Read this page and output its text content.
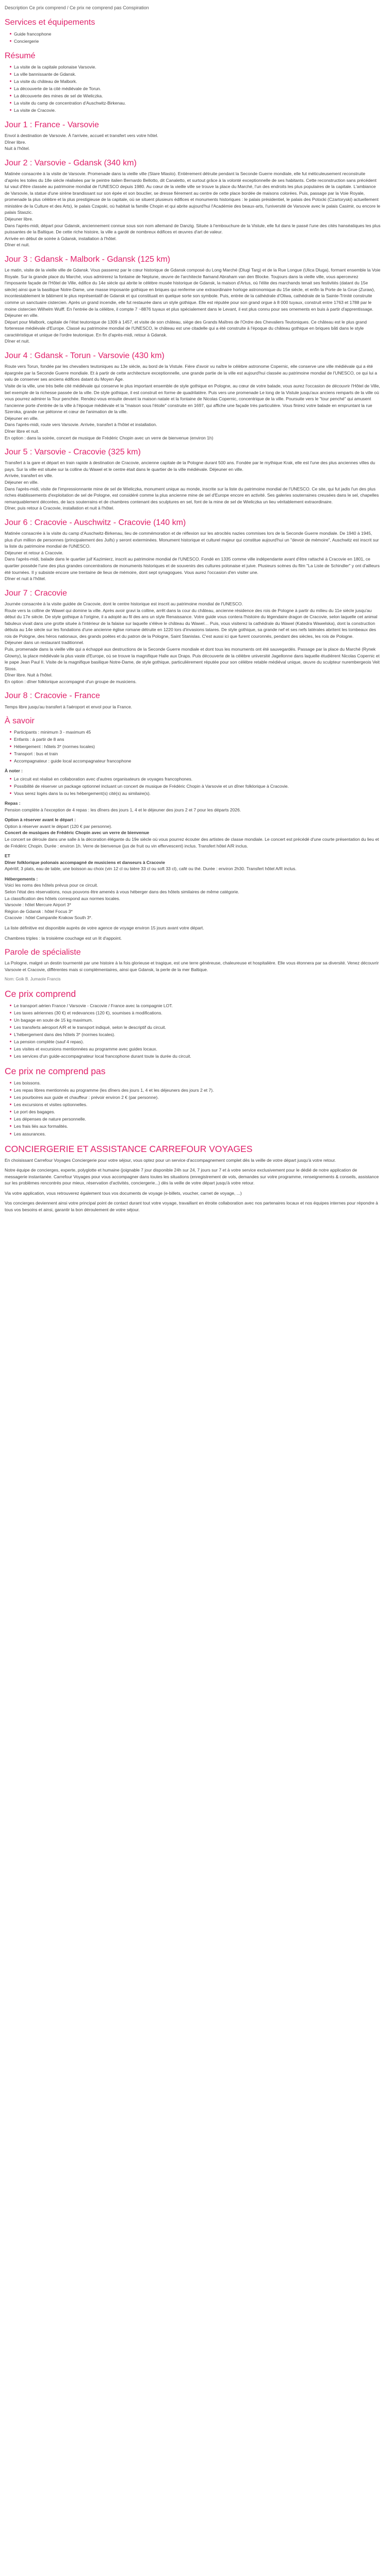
Description Ce prix comprend / Ce prix ne comprend pas Conspiration

Services et équipements
Guide francophone
Conciergerie
Résumé
La visite de la capitale polonaise Varsovie.
La ville bannissante de Gdansk.
La visite du château de Malbork.
La découverte de la cité médiévale de Torun.
La découverte des mines de sel de Wieliczka.
La visite du camp de concentration d'Auschwitz-Birkenau.
La visite de Cracovie.
Jour 1 : France - Varsovie

Envol à destination de Varsovie. À l'arrivée, accueil et transfert vers votre hôtel.

Dîner libre.

Nuit à l'hôtel.

Jour 2 : Varsovie - Gdansk (340 km)

Matinée consacrée à la visite de Varsovie. Promenade dans la vieille ville (Stare Miasto). Entièrement détruite pendant la Seconde Guerre mondiale, elle fut méticuleusement reconstruite d'après les toiles du 18e siècle réalisées par le peintre italien Bernardo Bellotto, dit Canaletto, et surtout grâce à la volonté exceptionnelle de ses habitants. Cette reconstruction sans précédent lui vaut d'être classée au patrimoine mondial de l'UNESCO depuis 1980. Au cœur de la vieille ville se trouve la place du Marché, l'un des endroits les plus populaires de la capitale. L'ambiance de Varsovie, la statue d'une sirène brandissant sur son épée et son bouclier, se dresse fièrement au centre de cette place bordée de maisons colorées. Puis, passage par la Voie Royale, promenade la plus célèbre et la plus prestigieuse de la capitale, où se situent plusieurs édifices et monuments historiques : le palais présidentiel, le palais des Potocki (Czartoryski) actuellement ministère de la Culture et des Arts), le palais Czapski, où habitait la famille Chopin et qui abrite aujourd'hui l'Académie des beaux-arts, l'université de Varsovie avec le palais Casimir, ou encore le palais Staszic.

Déjeuner libre.

Dans l'après-midi, départ pour Gdansk, anciennement connue sous son nom allemand de Danzig. Située à l'embouchure de la Vistule, elle fut dans le passé l'une des cités hanséatiques les plus puissantes de la Baltique. De cette riche histoire, la ville a gardé de nombreux édifices et œuvres d'art de valeur.

Arrivée en début de soirée à Gdansk, installation à l'hôtel.

Dîner et nuit.

Jour 3 : Gdansk - Malbork - Gdansk (125 km)

Le matin, visite de la vieille ville de Gdansk. Vous passerez par le cœur historique de Gdansk composé du Long Marché (Dlugi Targ) et de la Rue Longue (Ulica Dluga), formant ensemble la Voie Royale. Sur la grande place du Marché, vous admirerez la fontaine de Neptune, œuvre de l'architecte flamand Abraham van den Blocke. Toujours dans la vieille ville, vous apercevrez l'imposante façade de l'Hôtel de Ville, édifice du 14e siècle qui abrite le célèbre musée historique de Gdansk, la maison d'Artus, où l'élite des marchands tenait ses festivités (datant du 15e siècle) ainsi que la basilique Notre-Dame, une masse imposante gothique en briques qui renferme une extraordinaire horloge astronomique du 15e siècle, et enfin la Porte de la Grue (Zuraw), incontestablement le bâtiment le plus représentatif de Gdansk et qui constituait en quelque sorte son symbole. Puis, entrée de la cathédrale d'Oliwa, cathédrale de la Sainte-Trinité construite comme un sanctuaire cistercien. Après un grand incendie, elle fut restaurée dans un style gothique. Elle est réputée pour son grand orgue à 8 000 tuyaux, construit entre 1763 et 1788 par le moine cistercien Wilhelm Wulff. En l'entrée de la célèbre, il compte 7 ~8876 tuyaux et plus spécialement dans le Levant, il est plus connu pour ses ornements en buis à partir d'apprentissage.

Déjeuner en ville.

Départ pour Malbork, capitale de l'état teutonique de 1309 à 1457, et visite de son château, siège des Grands Maîtres de l'Ordre des Chevaliers Teutoniques. Ce château est le plus grand forteresse médiévale d'Europe. Classé au patrimoine mondial de l'UNESCO, le château est une citadelle qui a été construite à l'époque du château gothique en briques bâti dans le style caractéristique et unique de l'ordre teutonique. En fin d'après-midi, retour à Gdansk.

Dîner et nuit.

Jour 4 : Gdansk - Torun - Varsovie (430 km)

Route vers Torun, fondée par les chevaliers teutoniques au 13e siècle, au bord de la Vistule. Fière d'avoir vu naître le célèbre astronome Copernic, elle conserve une ville médiévale qui a été épargnée par la Seconde Guerre mondiale. Et à partir de cette architecture exceptionnelle, une grande partie de la ville est aujourd'hui classée au patrimoine mondial de l'UNESCO, ce qui lui a valu de conserver ses anciens édifices datant du Moyen Âge.

Visite de la ville, une très belle cité médiévale qui conserve le plus important ensemble de style gothique en Pologne, au cœur de votre balade, vous aurez l'occasion de découvrir l'Hôtel de Ville, bel exemple de la richesse passée de la ville. De style gothique, il est construit en forme de quadrilatère. Puis vers une promenade Le long de la Vistule jusqu'aux anciens remparts de la ville où vous pourrez admirer la Tour penchée. Rendez-vous ensuite devant la maison natale et la fontaine de Nicolas Copernic, concentrique de la ville. Poursuite vers le "tour penché" qui amusent l'ancienne porte d'entrée de la ville à l'époque médiévale et la "maison sous l'étoile" construite en 1697, qui affiche une façade très particulière. Vous finirez votre balade en empruntant la rue Szeroka, grande rue piétonne et cœur de l'animation de la ville.

Déjeuner en ville.

Dans l'après-midi, route vers Varsovie. Arrivée, transfert à l'hôtel et installation.

Dîner libre et nuit.

En option : dans la soirée, concert de musique de Frédéric Chopin avec un verre de bienvenue (environ 1h)

Jour 5 : Varsovie - Cracovie (325 km)

Transfert à la gare et départ en train rapide à destination de Cracovie, ancienne capitale de la Pologne durant 500 ans. Fondée par le mythique Krak, elle est l'une des plus anciennes villes du pays. Sur la ville est située sur la colline du Wawel et le centre était dans le quartier de la ville médiévale. Déjeuner en ville.

Arrivée, transfert en ville.

Déjeuner en ville.

Dans l'après-midi, visite de l'impressionnante mine de sel de Wieliczka, monument unique au monde, inscrite sur la liste du patrimoine mondial de l'UNESCO. Ce site, qui fut jadis l'un des plus riches établissements d'exploitation de sel de Pologne, est considéré comme la plus ancienne mine de sel d'Europe encore en activité. Ses galeries souterraines creusées dans le sel, chapelles remarquablement décorées, de lacs souterrains et de chambres contenant des sculptures en sel, font de la mine de sel de Wieliczka un lieu véritablement extraordinaire.

Dîner, puis retour à Cracovie, installation et nuit à l'hôtel.

Jour 6 : Cracovie - Auschwitz - Cracovie (140 km)

Matinée consacrée à la visite du camp d'Auschwitz-Birkenau, lieu de commémoration et de réflexion sur les atrocités nazies commises lors de la Seconde Guerre mondiale. De 1940 à 1945, plus d'un million de personnes (principalement des Juifs) y seront exterminées. Monument historique et culturel majeur qui constitue aujourd'hui un "devoir de mémoire", Auschwitz est inscrit sur la liste du patrimoine mondial de l'UNESCO.

Déjeuner et retour à Cracovie.

Dans l'après-midi, balade dans le quartier juif Kazimierz, inscrit au patrimoine mondial de l'UNESCO. Fondé en 1335 comme ville indépendante avant d'être rattaché à Cracovie en 1801, ce quartier possède l'une des plus grandes concentrations de monuments historiques et de souvenirs des cultures polonaise et juive. Plusieurs scènes du film "La Liste de Schindler" y ont d'ailleurs été tournées. Il y subsiste encore une trentaine de lieux de mémoire, dont sept synagogues. Vous aurez l'occasion d'en visiter une.

Dîner et nuit à l'hôtel.

Jour 7 : Cracovie

Journée consacrée à la visite guidée de Cracovie, dont le centre historique est inscrit au patrimoine mondial de l'UNESCO.

Route vers la colline de Wawel qui domine la ville. Après avoir gravi la colline, arrêt dans la cour du château, ancienne résidence des rois de Pologne à partir du milieu du 11e siècle jusqu'au début du 17e siècle. De style gothique à l'origine, il a adopté au fil des ans un style Renaissance. Votre guide vous contera l'histoire du légendaire dragon de Cracovie, selon laquelle cet animal fabuleux vivait dans une grotte située à l'intérieur de la falaise sur laquelle s'élève le château du Wawel… Puis, vous visiterez la cathédrale du Wawel (Katedra Wawelska), dont la construction débuta au 14e siècle sur les fondations d'une ancienne église romane détruite en 1220 lors d'invasions tatares. De style gothique, sa grande nef et ses nefs latérales abritent les tombeaux des rois de Pologne, des héros nationaux, des grands poètes et du patron de la Pologne, Saint Stanislas. C'est aussi ici que furent couronnés, pendant des siècles, les rois de Pologne.

Déjeuner dans un restaurant traditionnel.

Puis, promenade dans la vieille ville qui a échappé aux destructions de la Seconde Guerre mondiale et dont tous les monuments ont été sauvegardés. Passage par la place du Marché (Rynek Glowny), la place médiévale la plus vaste d'Europe, où se trouve la magnifique Halle aux Draps. Puis découverte de la célèbre université Jagellonne dans laquelle étudièrent Nicolas Copernic et le pape Jean Paul II. Visite de la magnifique basilique Notre-Dame, de style gothique, particulièrement réputée pour son célèbre retable médiéval unique, œuvre du sculpteur nurembergeois Veit Stoss.

Dîner libre. Nuit à l'hôtel.

En option : dîner folklorique accompagné d'un groupe de musiciens.

Jour 8 : Cracovie - France

Temps libre jusqu'au transfert à l'aéroport et envol pour la France.

À savoir
Participants : minimum 3 - maximum 45
Enfants : à partir de 8 ans
Hébergement : hôtels 3* (normes locales)
Transport : bus et train
Accompagnateur : guide local accompagnateur francophone

À noter :

Le circuit est réalisé en collaboration avec d'autres organisateurs de voyages francophones.
Possibilité de réserver un package optionnel incluant un concert de musique de Frédéric Chopin à Varsovie et un dîner folklorique à Cracovie.
Vous serez logés dans la ou les hébergement(s) cité(s) au similaire(s).

Repas :

Pension complète à l'exception de 4 repas : les dîners des jours 1, 4 et le déjeuner des jours 2 et 7 pour les départs 2026.

Option à réserver avant le départ :

Option à réserver avant le départ (120 € par personne).

Concert de musiques de Frédéric Chopin avec un verre de bienvenue

Le concert se déroule dans une salle à la décoration élégante du 19e siècle où vous pourrez écouter des artistes de classe mondiale. Le concert est précédé d'une courte présentation du lieu et de Frédéric Chopin. Durée : environ 1h. Verre de bienvenue (jus de fruit ou vin effervescent) inclus. Transfert hôtel A/R inclus.

ET

Dîner folklorique polonais accompagné de musiciens et danseurs à Cracovie

Apéritif, 3 plats, eau de table, une boisson au choix (vin 12 cl ou bière 33 cl ou soft 33 cl), café ou thé. Durée : environ 2h30. Transfert hôtel A/R inclus.

Hébergements :

Voici les noms des hôtels prévus pour ce circuit.

Selon l'état des réservations, nous pouvons être amenés à vous héberger dans des hôtels similaires de même catégorie.

La classification des hôtels correspond aux normes locales.

Varsovie : hôtel Mercure Airport 3*

Région de Gdansk : hôtel Focus 3*

Cracovie : hôtel Campanile Krakow South 3*.

La liste définitive est disponible auprès de votre agence de voyage environ 15 jours avant votre départ.

Chambres triples : la troisième couchage est un lit d'appoint.

Parole de spécialiste

La Pologne, malgré un destin tourmenté par une histoire à la fois glorieuse et tragique, est une terre généreuse, chaleureuse et hospitalière. Elle vous étonnera par sa diversité. Venez découvrir Varsovie et Cracovie, différentes mais si complémentaires, ainsi que Gdansk, la perle de la mer Baltique.

Nom: Goik B. Jumaole Francis

Ce prix comprend
Le transport aérien France / Varsovie - Cracovie / France avec la compagnie LOT.
Les taxes aériennes (30 €) et redevances (120 €), soumises à modifications.
Un bagage en soute de 15 kg maximum.
Les transferts aéroport A/R et le transport indiqué, selon le descriptif du circuit.
L'hébergement dans des hôtels 3* (normes locales).
La pension complète (sauf 4 repas).
Les visites et excursions mentionnées au programme avec guides locaux.
Les services d'un guide-accompagnateur local francophone durant toute la durée du circuit.
Ce prix ne comprend pas
Les boissons.
Les repas libres mentionnés au programme (les dîners des jours 1, 4 et les déjeuners des jours 2 et 7).
Les pourboires aux guide et chauffeur : prévoir environ 2 € (par personne).
Les excursions et visites optionnelles.
Le port des bagages.
Les dépenses de nature personnelle.
Les frais liés aux formalités.
Les assurances.
CONCIERGERIE ET ASSISTANCE CARREFOUR VOYAGES

En choisissant Carrefour Voyages Conciergerie pour votre séjour, vous optez pour un service d'accompagnement complet dès la veille de votre départ jusqu'à votre retour.

Notre équipe de concierges, experte, polyglotte et humaine (joignable 7 jour disponible 24h sur 24, 7 jours sur 7 et à votre service exclusivement pour le dédié de notre application de messagerie instantanée. Carrefour Voyages pour vous accompagner dans toutes les situations (enregistrement de vols, demandes sur votre programme, renseignements & conseils, assistance sur les problèmes rencontrés pour mieux, réservation d'activités, conciergerie...) dès la veille de votre départ jusqu'à votre retour.

Via votre application, vous retrouverez également tous vos documents de voyage (e-billets, voucher, carnet de voyage, ...)

Vos concierges deviennent ainsi votre principal point de contact durant tout votre voyage, travaillant en étroite collaboration avec nos partenaires locaux et nos équipes internes pour répondre à tous vos besoins et ainsi, garantir la bon déroulement de votre séjour.
